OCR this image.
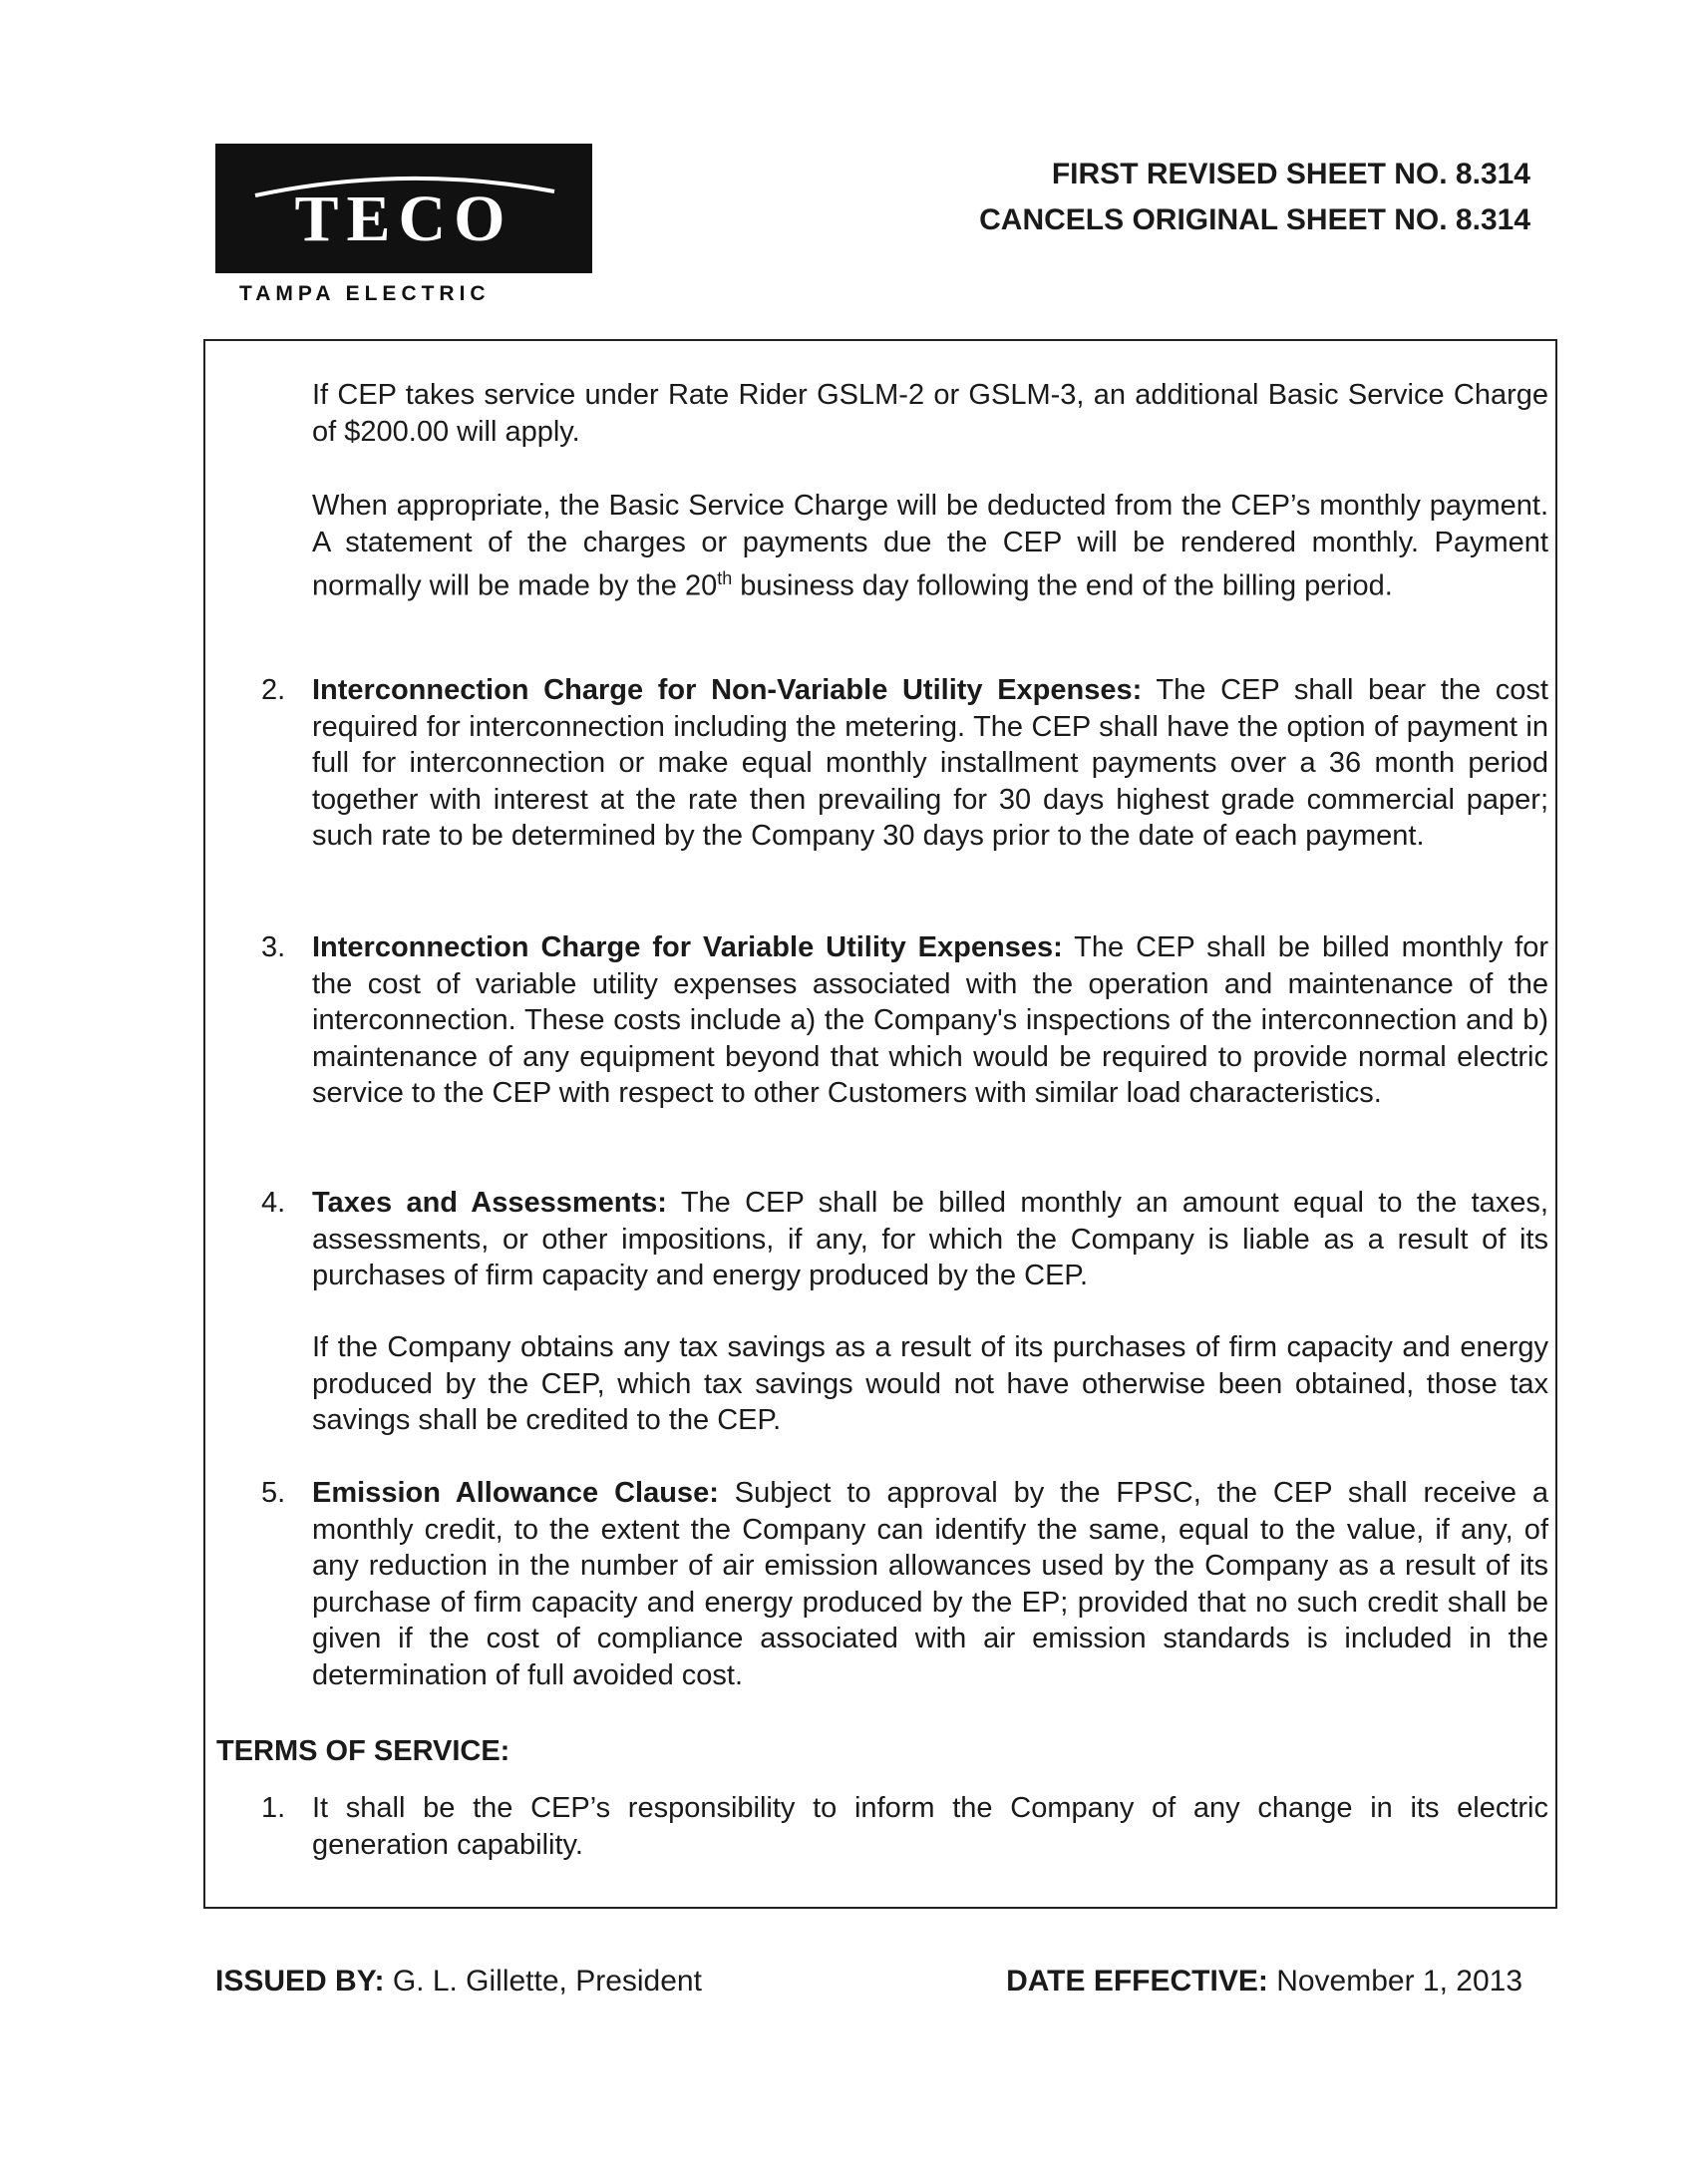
TECO
TAMPA ELECTRIC
FIRST REVISED SHEET NO. 8.314
CANCELS ORIGINAL SHEET NO. 8.314
If CEP takes service under Rate Rider GSLM-2 or GSLM-3, an additional Basic Service Charge of $200.00 will apply.
When appropriate, the Basic Service Charge will be deducted from the CEP’s monthly payment. A statement of the charges or payments due the CEP will be rendered monthly. Payment normally will be made by the 20th business day following the end of the billing period.
2. Interconnection Charge for Non-Variable Utility Expenses: The CEP shall bear the cost required for interconnection including the metering. The CEP shall have the option of payment in full for interconnection or make equal monthly installment payments over a 36 month period together with interest at the rate then prevailing for 30 days highest grade commercial paper; such rate to be determined by the Company 30 days prior to the date of each payment.
3. Interconnection Charge for Variable Utility Expenses: The CEP shall be billed monthly for the cost of variable utility expenses associated with the operation and maintenance of the interconnection. These costs include a) the Company's inspections of the interconnection and b) maintenance of any equipment beyond that which would be required to provide normal electric service to the CEP with respect to other Customers with similar load characteristics.
4. Taxes and Assessments: The CEP shall be billed monthly an amount equal to the taxes, assessments, or other impositions, if any, for which the Company is liable as a result of its purchases of firm capacity and energy produced by the CEP.
If the Company obtains any tax savings as a result of its purchases of firm capacity and energy produced by the CEP, which tax savings would not have otherwise been obtained, those tax savings shall be credited to the CEP.
5. Emission Allowance Clause: Subject to approval by the FPSC, the CEP shall receive a monthly credit, to the extent the Company can identify the same, equal to the value, if any, of any reduction in the number of air emission allowances used by the Company as a result of its purchase of firm capacity and energy produced by the EP; provided that no such credit shall be given if the cost of compliance associated with air emission standards is included in the determination of full avoided cost.
TERMS OF SERVICE:
1. It shall be the CEP’s responsibility to inform the Company of any change in its electric generation capability.
ISSUED BY: G. L. Gillette, President	DATE EFFECTIVE: November 1, 2013
